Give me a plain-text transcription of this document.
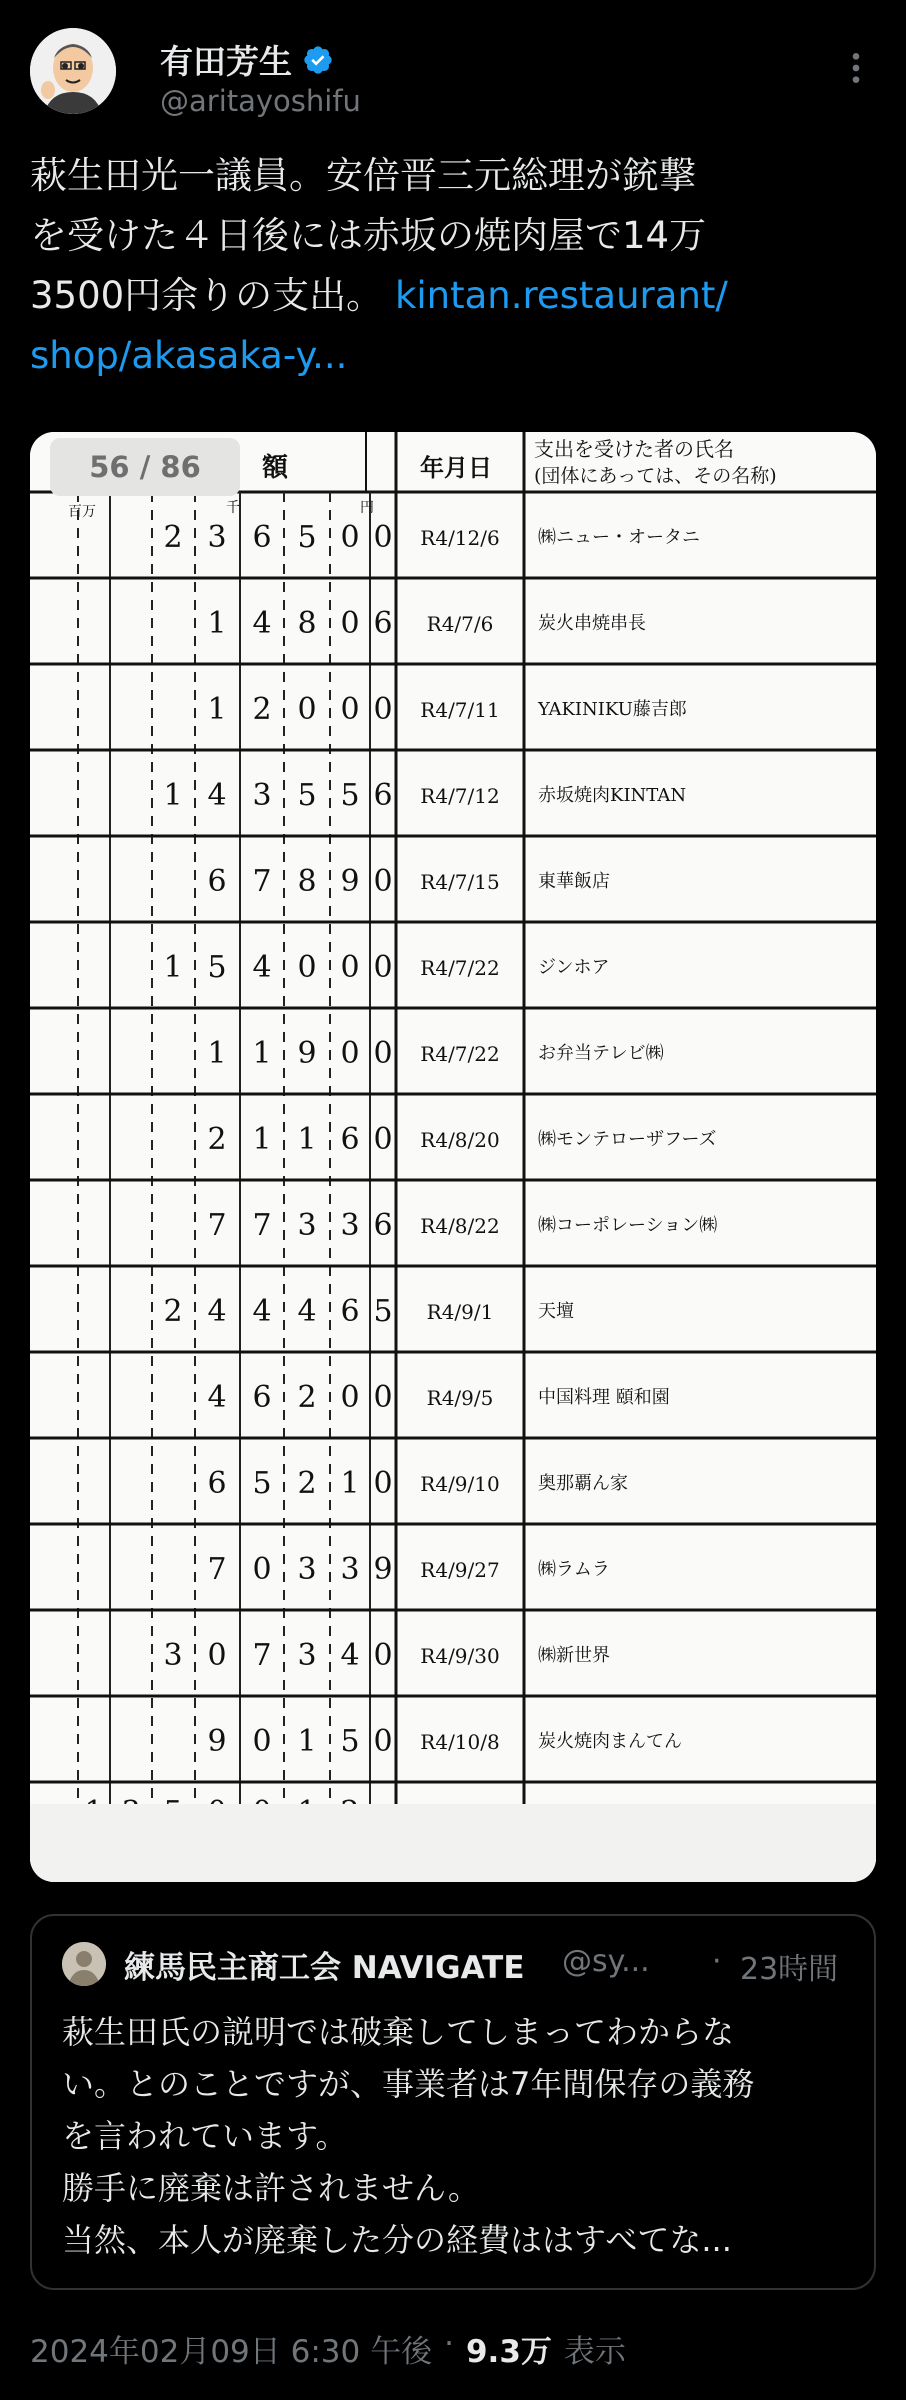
有田芳生
@aritayoshifu
萩生田光一議員。安倍晋三元総理が銃撃
を受けた４日後には赤坂の焼肉屋で14万
3500円余りの支出。 kintan.restaurant/
shop/akasaka-y...
額	年月日
支出を受けた者の氏名
(団体にあっては、その名称)
百万	千	円
2 3 6 5 0 0 R4/12/6 ㈱ニュー・オータニ
1 4 8 0 6 R4/7/6 炭火串焼串長
1 2 0 0 0 R4/7/11 YAKINIKU藤吉郎
1 4 3 5 5 6 R4/7/12 赤坂焼肉KINTAN
6 7 8 9 0 R4/7/15 東華飯店
1 5 4 0 0 0 R4/7/22 ジンホア
1 1 9 0 0 R4/7/22 お弁当テレビ㈱
2 1 1 6 0 R4/8/20 ㈱モンテローザフーズ
7 7 3 3 6 R4/8/22 ㈱コーポレーション㈱
2 4 4 4 6 5 R4/9/1 天壇
4 6 2 0 0 R4/9/5 中国料理 頤和園
6 5 2 1 0 R4/9/10 奥那覇ん家
7 0 3 3 9 R4/9/27 ㈱ラムラ
3 0 7 3 4 0 R4/9/30 ㈱新世界
9 0 1 5 0 R4/10/8 炭火焼肉まんてん
56 / 86
練馬民主商工会 NAVIGATE @sy... · 23時間
萩生田氏の説明では破棄してしまってわからな
い。とのことですが、事業者は7年間保存の義務
を言われています。
勝手に廃棄は許されません。
当然、本人が廃棄した分の経費ははすべてな...
2024年02月09日 6:30 午後 · 9.3万 表示
